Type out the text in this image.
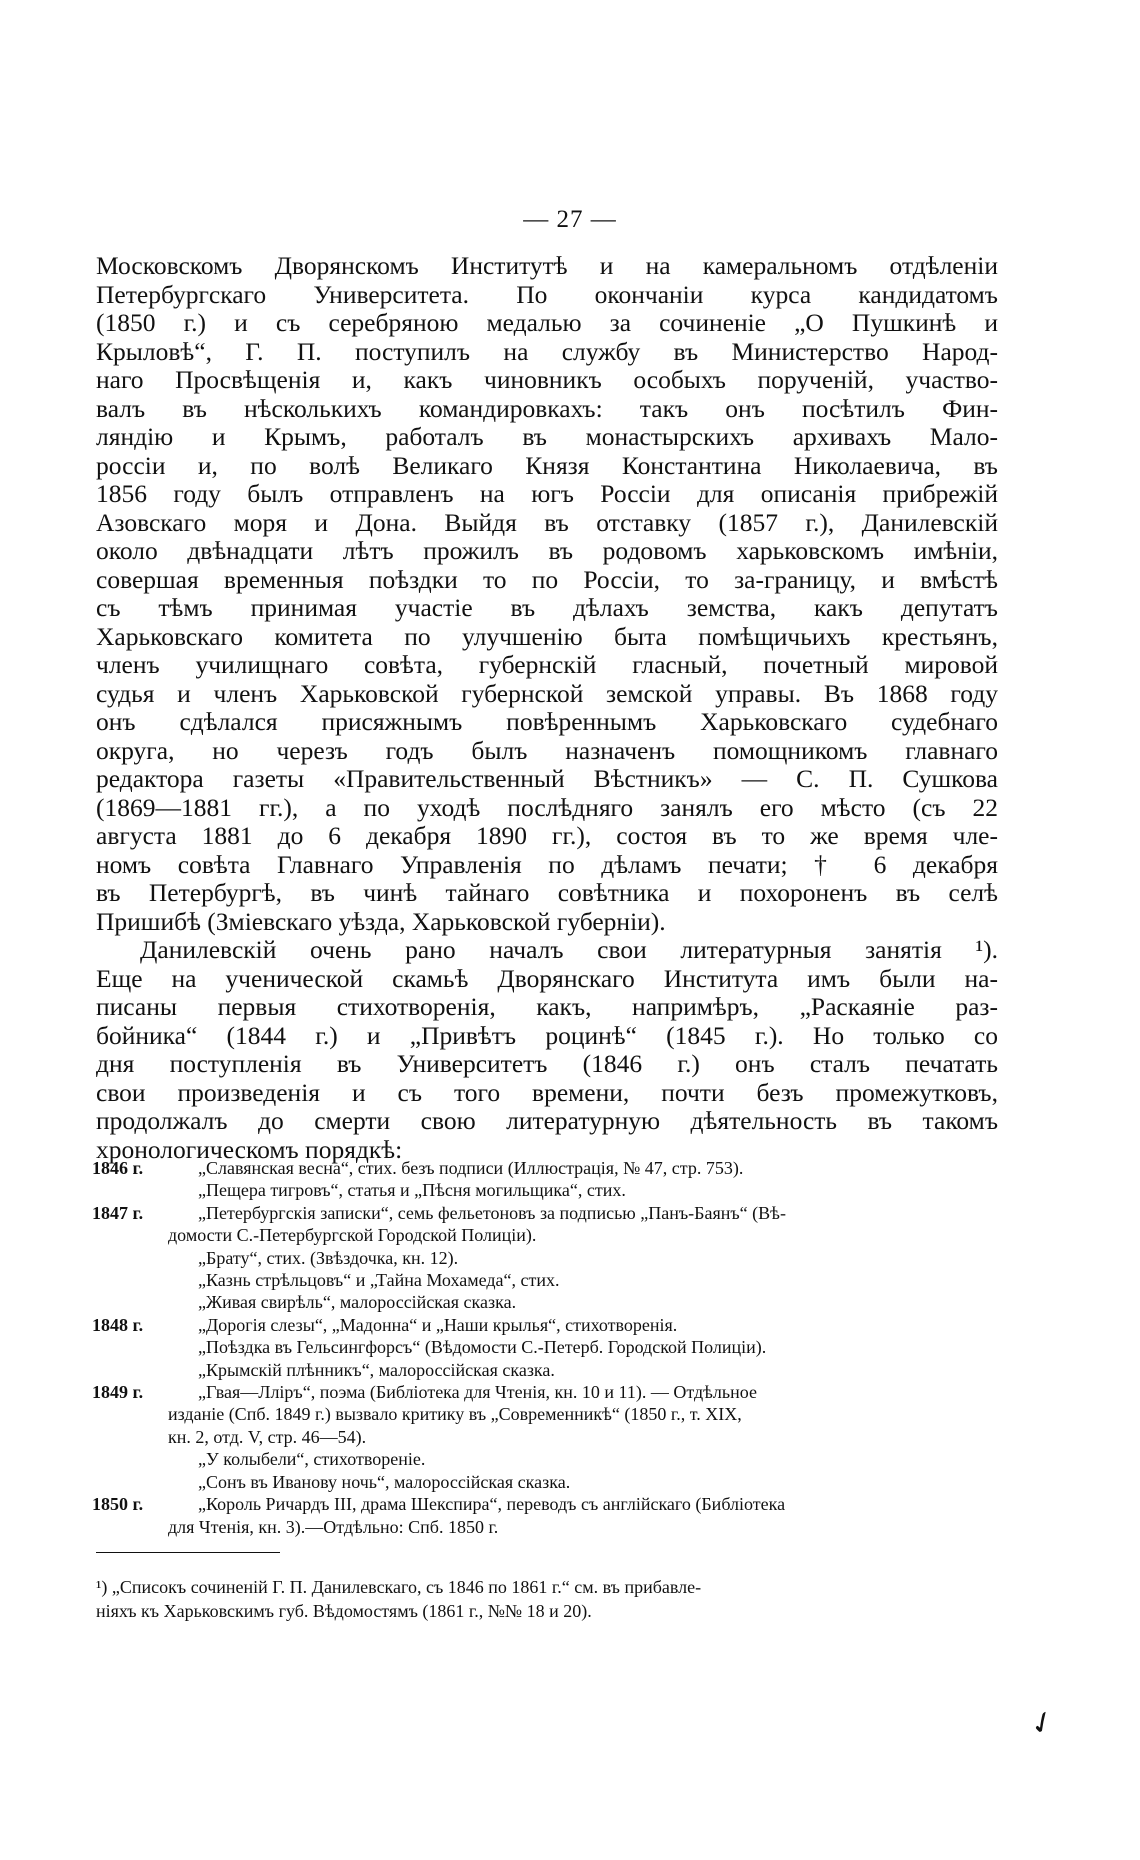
— 27 —
Московскомъ Дворянскомъ Институтѣ и на камеральномъ отдѣленіи
Петербургскаго Университета. По окончаніи курса кандидатомъ
(1850 г.) и съ серебряною медалью за сочиненіе „О Пушкинѣ и
Крыловѣ“, Г. П. поступилъ на службу въ Министерство Народ-
наго Просвѣщенія и, какъ чиновникъ особыхъ порученій, участво-
валъ въ нѣсколькихъ командировкахъ: такъ онъ посѣтилъ Фин-
ляндію и Крымъ, работалъ въ монастырскихъ архивахъ Мало-
россіи и, по волѣ Великаго Князя Константина Николаевича, въ
1856 году былъ отправленъ на югъ Россіи для описанія прибрежій
Азовскаго моря и Дона. Выйдя въ отставку (1857 г.), Данилевскій
около двѣнадцати лѣтъ прожилъ въ родовомъ харьковскомъ имѣніи,
совершая временныя поѣздки то по Россіи, то за-границу, и вмѣстѣ
съ тѣмъ принимая участіе въ дѣлахъ земства, какъ депутатъ
Харьковскаго комитета по улучшенію быта помѣщичьихъ крестьянъ,
членъ училищнаго совѣта, губернскій гласный, почетный мировой
судья и членъ Харьковской губернской земской управы. Въ 1868 году
онъ сдѣлался присяжнымъ повѣреннымъ Харьковскаго судебнаго
округа, но черезъ годъ былъ назначенъ помощникомъ главнаго
редактора газеты «Правительственный Вѣстникъ» — С. П. Сушкова
(1869—1881 гг.), а по уходѣ послѣдняго занялъ его мѣсто (съ 22
августа 1881 до 6 декабря 1890 гг.), состоя въ то же время чле-
номъ совѣта Главнаго Управленія по дѣламъ печати; † 6 декабря
въ Петербургѣ, въ чинѣ тайнаго совѣтника и похороненъ въ селѣ
Пришибѣ (Зміевскаго уѣзда, Харьковской губерніи).
Данилевскій очень рано началъ свои литературныя занятія ¹).
Еще на ученической скамьѣ Дворянскаго Института имъ были на-
писаны первыя стихотворенія, какъ, напримѣръ, „Раскаяніе раз-
бойника“ (1844 г.) и „Привѣтъ роцинѣ“ (1845 г.). Но только со
дня поступленія въ Университетъ (1846 г.) онъ сталъ печатать
свои произведенія и съ того времени, почти безъ промежутковъ,
продолжалъ до смерти свою литературную дѣятельность въ такомъ
хронологическомъ порядкѣ:
1846 г.	„Славянская весна“, стих. безъ подписи (Иллюстрація, № 47, стр. 753).
„Пещера тигровъ“, статья и „Пѣсня могильщика“, стих.
1847 г.	„Петербургскія записки“, семь фельетоновъ за подписью „Панъ-Баянъ“ (Вѣ-
домости С.-Петербургской Городской Полиціи).
„Брату“, стих. (Звѣздочка, кн. 12).
„Казнь стрѣльцовъ“ и „Тайна Мохамеда“, стих.
„Живая свирѣль“, малороссійская сказка.
1848 г.	„Дорогія слезы“, „Мадонна“ и „Наши крылья“, стихотворенія.
„Поѣздка въ Гельсингфорсъ“ (Вѣдомости С.-Петерб. Городской Полиціи).
„Крымскій плѣнникъ“, малороссійская сказка.
1849 г.	„Гвая—Лліръ“, поэма (Библіотека для Чтенія, кн. 10 и 11). — Отдѣльное
изданіе (Спб. 1849 г.) вызвало критику въ „Современникѣ“ (1850 г., т. XIX,
кн. 2, отд. V, стр. 46—54).
„У колыбели“, стихотвореніе.
„Сонъ въ Иванову ночь“, малороссійская сказка.
1850 г.	„Король Ричардъ III, драма Шекспира“, переводъ съ англійскаго (Библіотека
для Чтенія, кн. 3).—Отдѣльно: Спб. 1850 г.
¹) „Списокъ сочиненій Г. П. Данилевскаго, съ 1846 по 1861 г.“ см. въ прибавле-
ніяхъ къ Харьковскимъ губ. Вѣдомостямъ (1861 г., №№ 18 и 20).
✓
